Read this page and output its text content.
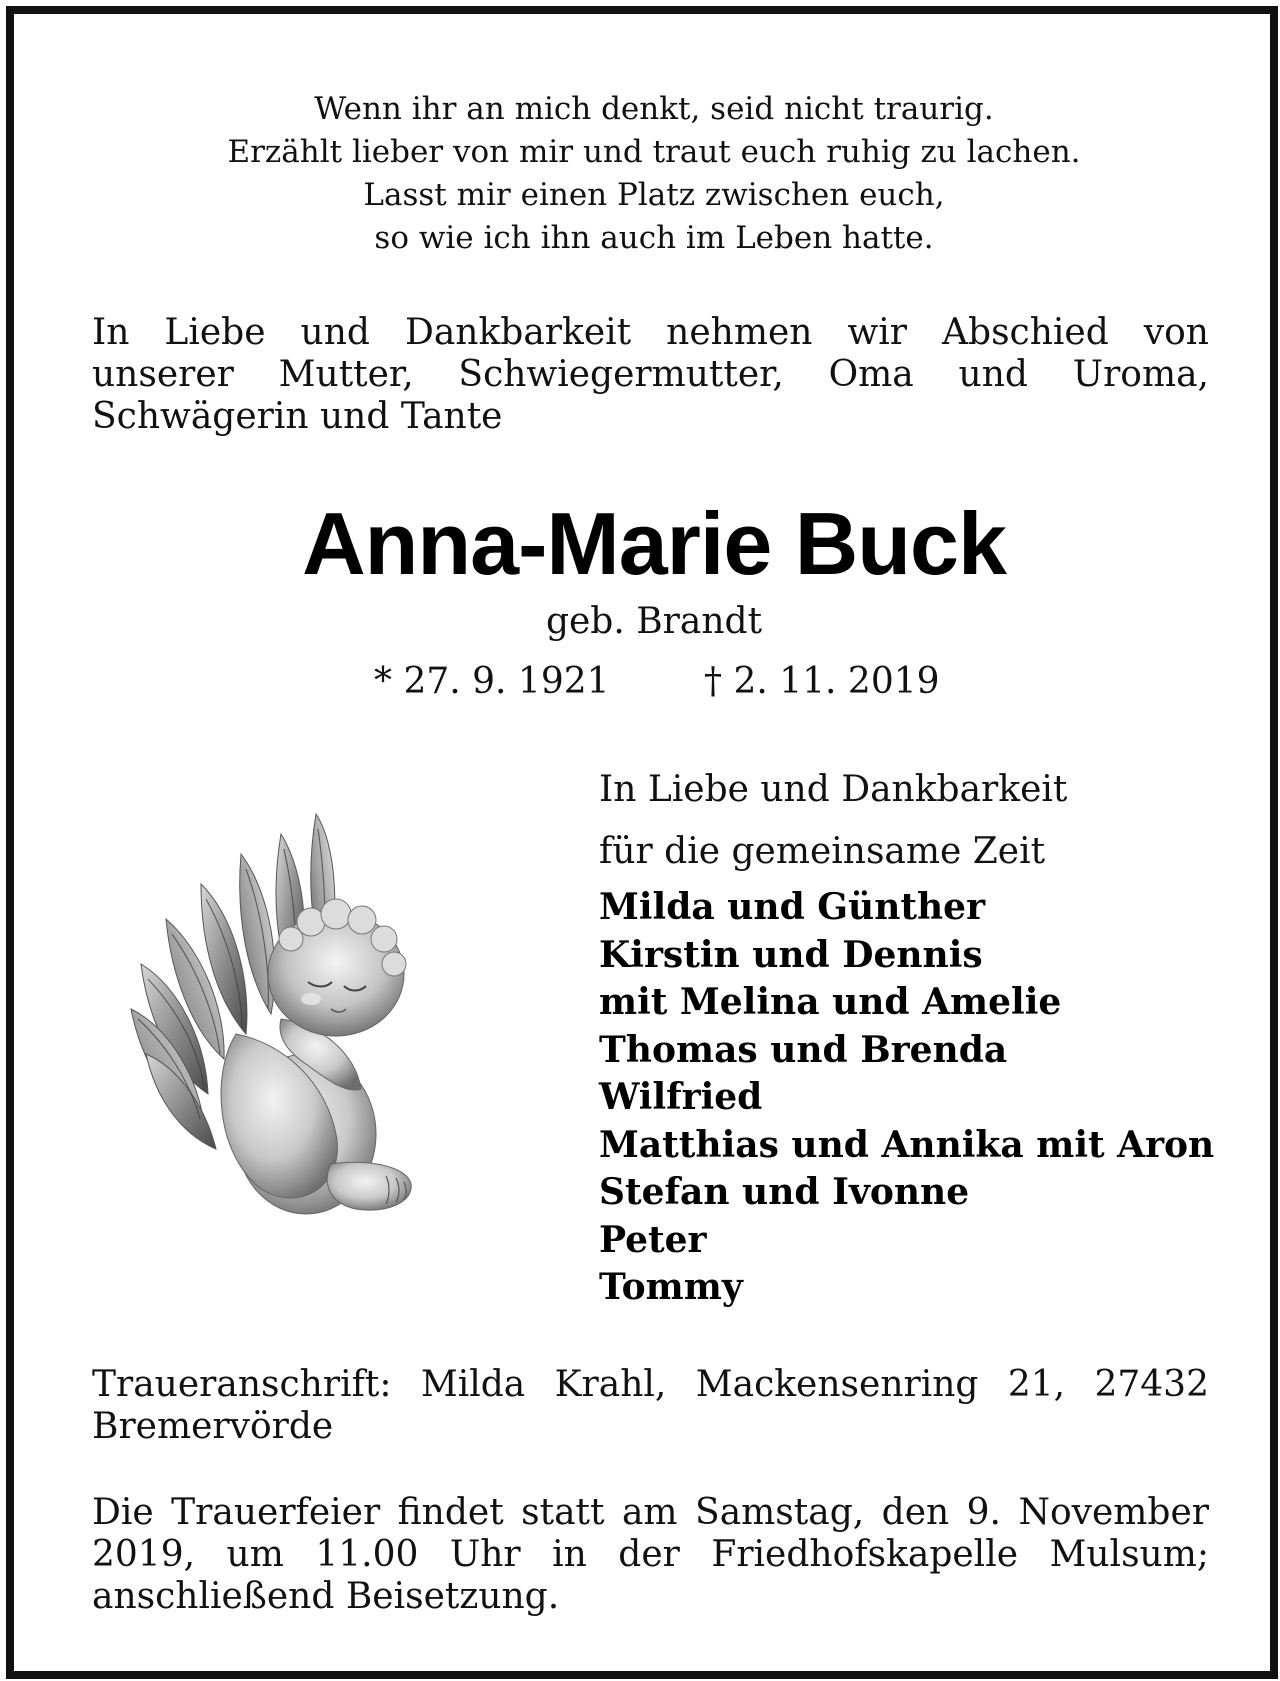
Wenn ihr an mich denkt, seid nicht traurig.
Erzählt lieber von mir und traut euch ruhig zu lachen.
Lasst mir einen Platz zwischen euch,
so wie ich ihn auch im Leben hatte.
In Liebe und Dankbarkeit nehmen wir Abschied von
unserer Mutter, Schwiegermutter, Oma und Uroma,
Schwägerin und Tante
Anna-Marie Buck
geb. Brandt
* 27. 9. 1921	† 2. 11. 2019
In Liebe und Dankbarkeit
für die gemeinsame Zeit
Milda und Günther
Kirstin und Dennis
mit Melina und Amelie
Thomas und Brenda
Wilfried
Matthias und Annika mit Aron
Stefan und Ivonne
Peter
Tommy
Traueranschrift: Milda Krahl, Mackensenring 21, 27432
Bremervörde
Die Trauerfeier findet statt am Samstag, den 9. November
2019, um 11.00 Uhr in der Friedhofskapelle Mulsum;
anschließend Beisetzung.
